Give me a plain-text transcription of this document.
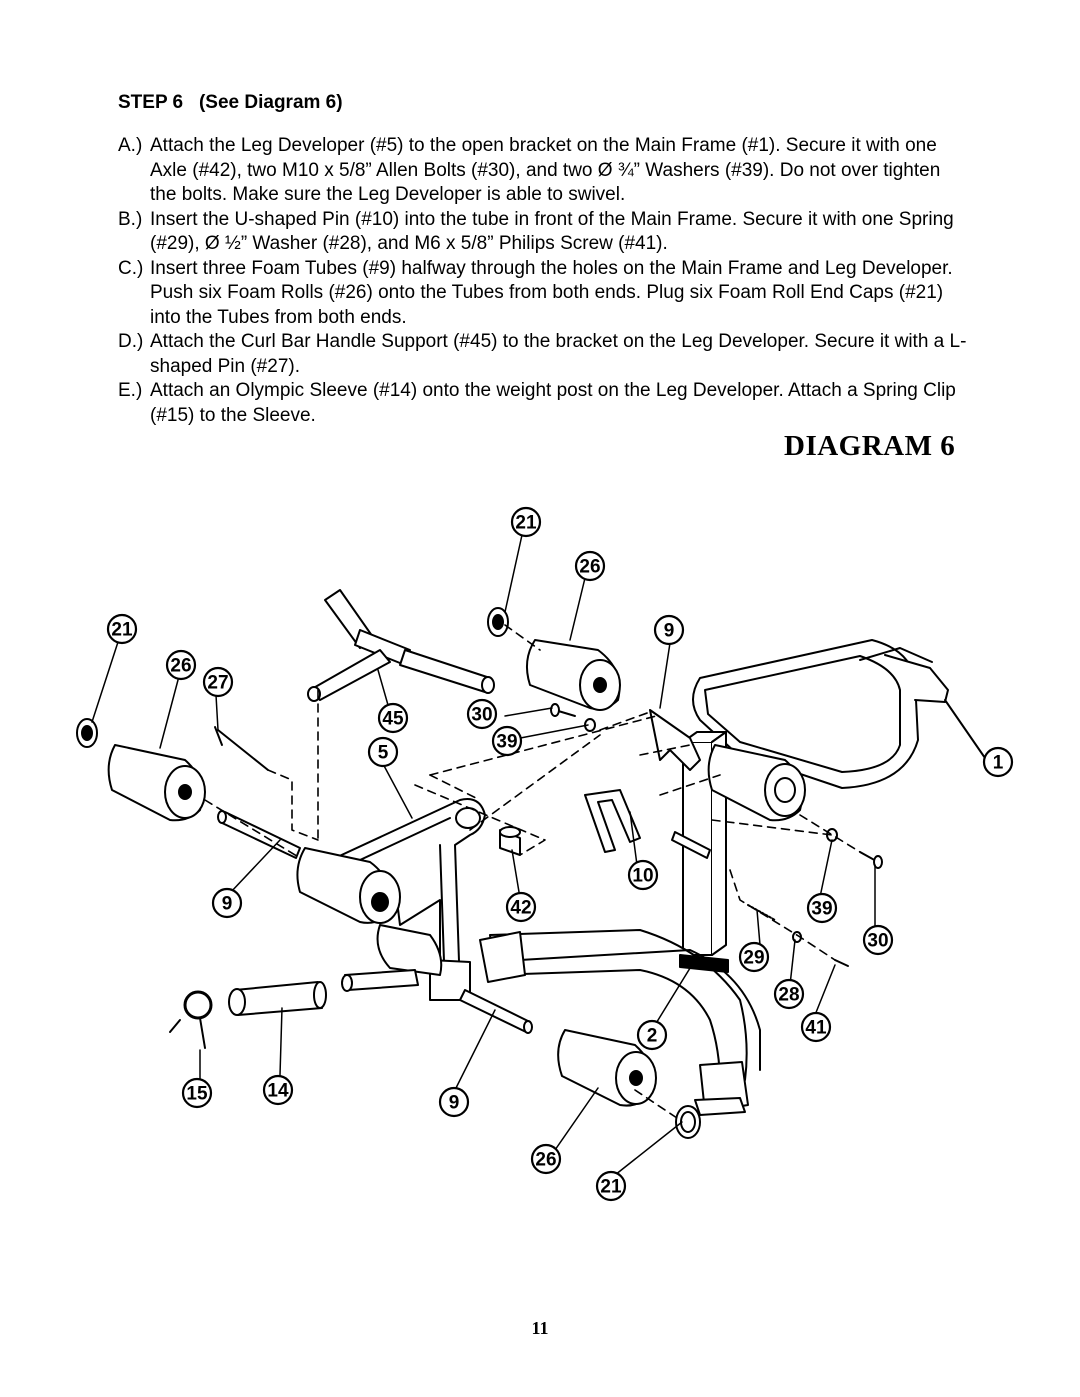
STEP 6   (See Diagram 6)
A.) Attach the Leg Developer (#5) to the open bracket on the Main Frame (#1). Secure it with one Axle (#42), two M10 x 5/8” Allen Bolts (#30), and two Ø ¾” Washers (#39). Do not over tighten the bolts. Make sure the Leg Developer is able to swivel.
B.) Insert the U-shaped Pin (#10) into the tube in front of the Main Frame. Secure it with one Spring (#29), Ø ½” Washer (#28), and M6 x 5/8” Philips Screw (#41).
C.) Insert three Foam Tubes (#9) halfway through the holes on the Main Frame and Leg Developer. Push six Foam Rolls (#26) onto the Tubes from both ends. Plug six Foam Roll End Caps (#21) into the Tubes from both ends.
D.) Attach the Curl Bar Handle Support (#45) to the bracket on the Leg Developer. Secure it with a L-shaped Pin (#27).
E.) Attach an Olympic Sleeve (#14) onto the weight post on the Leg Developer. Attach a Spring Clip (#15) to the Sleeve.
DIAGRAM 6
21
26
21	9
26
27
45	30
39
5	1
10
9	42	39
30
29
28
2	41
15	14
9
26
21
11
